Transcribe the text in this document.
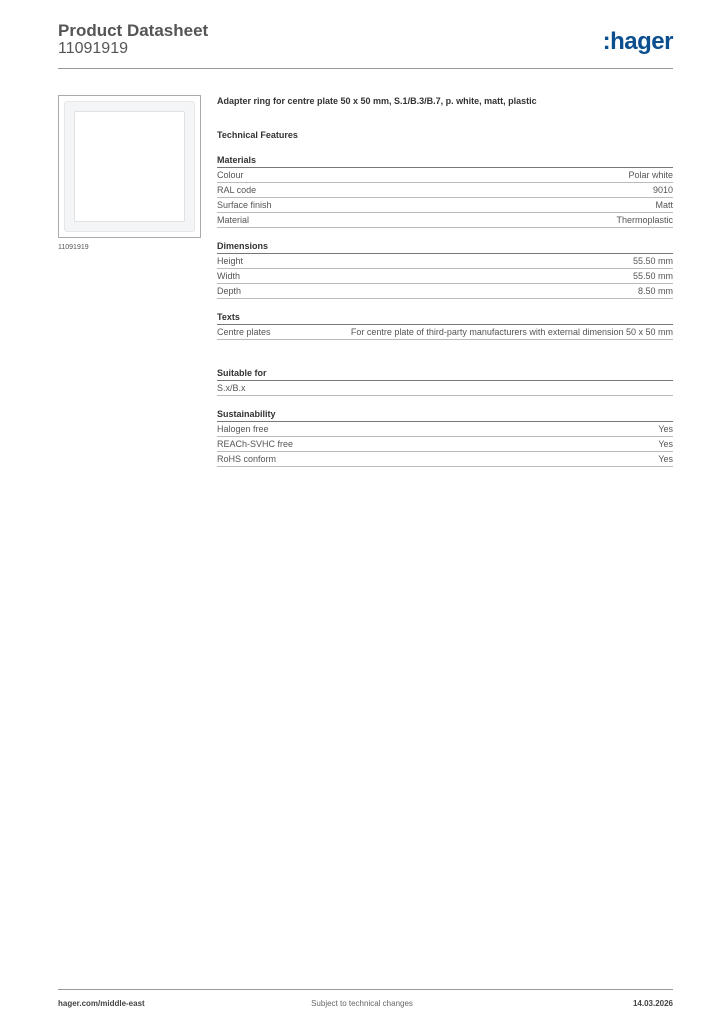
Product Datasheet
11091919	:hager
11091919
Adapter ring for centre plate 50 x 50 mm, S.1/B.3/B.7, p. white, matt, plastic
Technical Features
Materials
Colour	Polar white
RAL code	9010
Surface finish	Matt
Material	Thermoplastic
Dimensions
Height	55.50 mm
Width	55.50 mm
Depth	8.50 mm
Texts
Centre plates	For centre plate of third-party manufacturers with external dimension 50 x 50 mm
Suitable for
S.x/B.x
Sustainability
Halogen free	Yes
REACh-SVHC free	Yes
RoHS conform	Yes
hager.com/middle-east	Subject to technical changes	14.03.2026
